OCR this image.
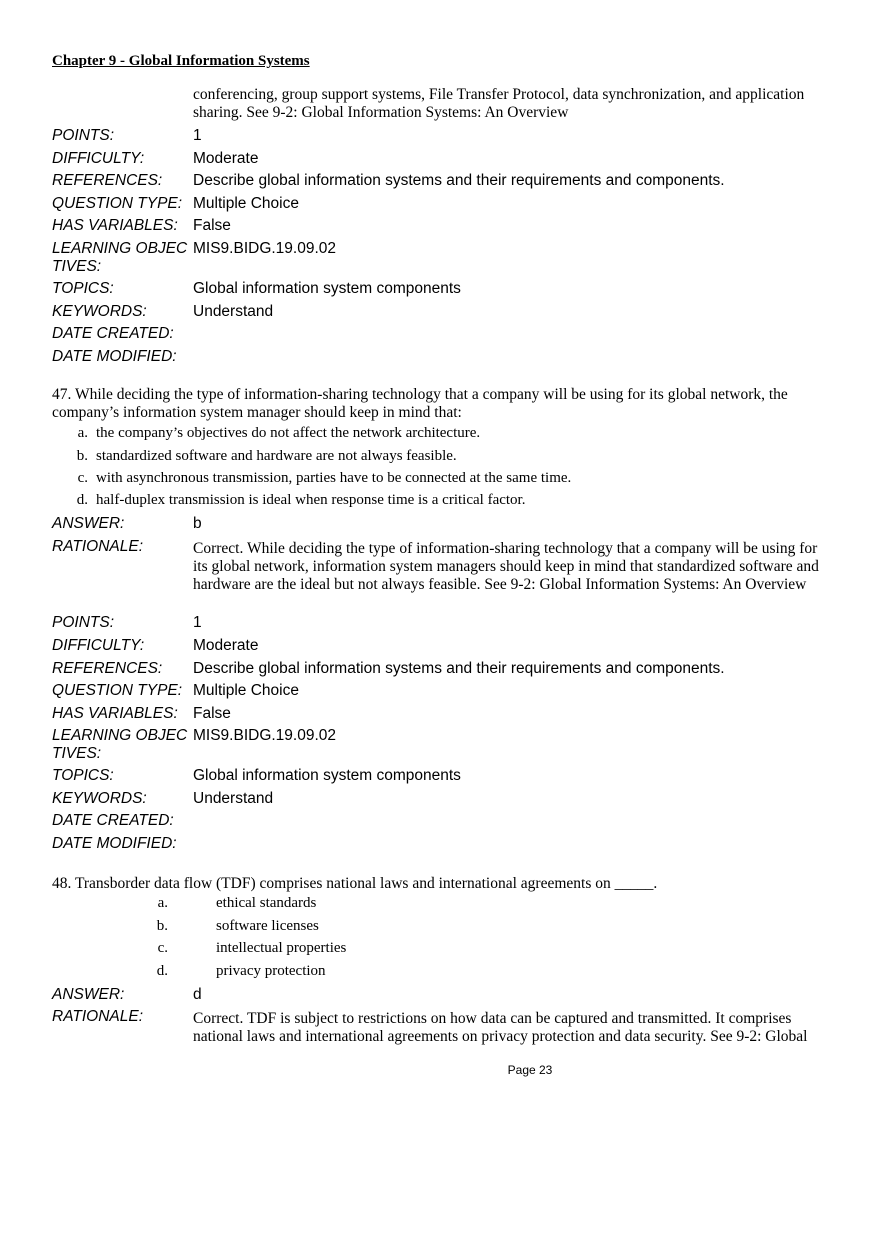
Chapter 9 - Global Information Systems
conferencing, group support systems, File Transfer Protocol, data synchronization, and application sharing. See 9-2: Global Information Systems: An Overview
POINTS:	1
DIFFICULTY:	Moderate
REFERENCES:	Describe global information systems and their requirements and components.
QUESTION TYPE: Multiple Choice
HAS VARIABLES: False
LEARNING OBJECTIVES:
MIS9.BIDG.19.09.02
TOPICS:	Global information system components
KEYWORDS:	Understand
DATE CREATED:
DATE MODIFIED:
47. While deciding the type of information-sharing technology that a company will be using for its global network, the company’s information system manager should keep in mind that:
a. the company’s objectives do not affect the network architecture.
b. standardized software and hardware are not always feasible.
c. with asynchronous transmission, parties have to be connected at the same time.
d. half-duplex transmission is ideal when response time is a critical factor.
ANSWER:	b
RATIONALE:	Correct. While deciding the type of information-sharing technology that a company will be using for its global network, information system managers should keep in mind that standardized software and hardware are the ideal but not always feasible. See 9-2: Global Information Systems: An Overview
POINTS:	1
DIFFICULTY:	Moderate
REFERENCES:	Describe global information systems and their requirements and components.
QUESTION TYPE: Multiple Choice
HAS VARIABLES: False
LEARNING OBJECTIVES:
MIS9.BIDG.19.09.02
TOPICS:	Global information system components
KEYWORDS:	Understand
DATE CREATED:
DATE MODIFIED:
48. Transborder data flow (TDF) comprises national laws and international agreements on _____.
a.	ethical standards
b.	software licenses
c.	intellectual properties
d.	privacy protection
ANSWER:	d
RATIONALE:	Correct. TDF is subject to restrictions on how data can be captured and transmitted. It comprises national laws and international agreements on privacy protection and data security. See 9-2: Global
Page 23
